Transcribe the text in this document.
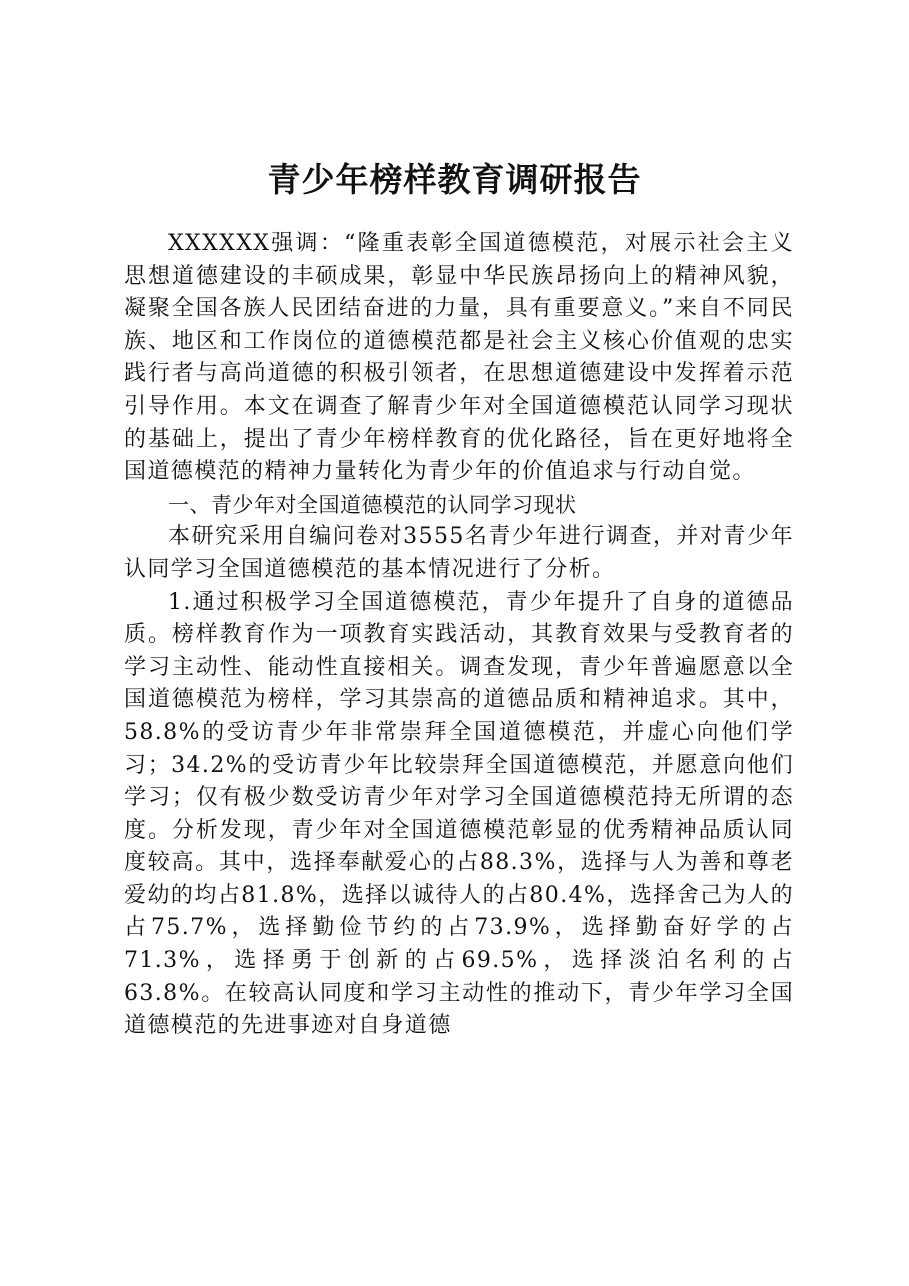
青少年榜样教育调研报告

XXXXXX强调：“隆重表彰全国道德模范，对展示社会主义思想道德建设的丰硕成果，彰显中华民族昂扬向上的精神风貌，凝聚全国各族人民团结奋进的力量，具有重要意义。”来自不同民族、地区和工作岗位的道德模范都是社会主义核心价值观的忠实践行者与高尚道德的积极引领者，在思想道德建设中发挥着示范引导作用。本文在调查了解青少年对全国道德模范认同学习现状的基础上，提出了青少年榜样教育的优化路径，旨在更好地将全国道德模范的精神力量转化为青少年的价值追求与行动自觉。

一、青少年对全国道德模范的认同学习现状

本研究采用自编问卷对3555名青少年进行调查，并对青少年认同学习全国道德模范的基本情况进行了分析。

1.通过积极学习全国道德模范，青少年提升了自身的道德品质。榜样教育作为一项教育实践活动，其教育效果与受教育者的学习主动性、能动性直接相关。调查发现，青少年普遍愿意以全国道德模范为榜样，学习其崇高的道德品质和精神追求。其中，58.8%的受访青少年非常崇拜全国道德模范，并虚心向他们学习；34.2%的受访青少年比较崇拜全国道德模范，并愿意向他们学习；仅有极少数受访青少年对学习全国道德模范持无所谓的态度。分析发现，青少年对全国道德模范彰显的优秀精神品质认同度较高。其中，选择奉献爱心的占88.3%，选择与人为善和尊老爱幼的均占81.8%，选择以诚待人的占80.4%，选择舍己为人的占75.7%，选择勤俭节约的占73.9%，选择勤奋好学的占71.3%，选择勇于创新的占69.5%，选择淡泊名利的占63.8%。在较高认同度和学习主动性的推动下，青少年学习全国道德模范的先进事迹对自身道德
